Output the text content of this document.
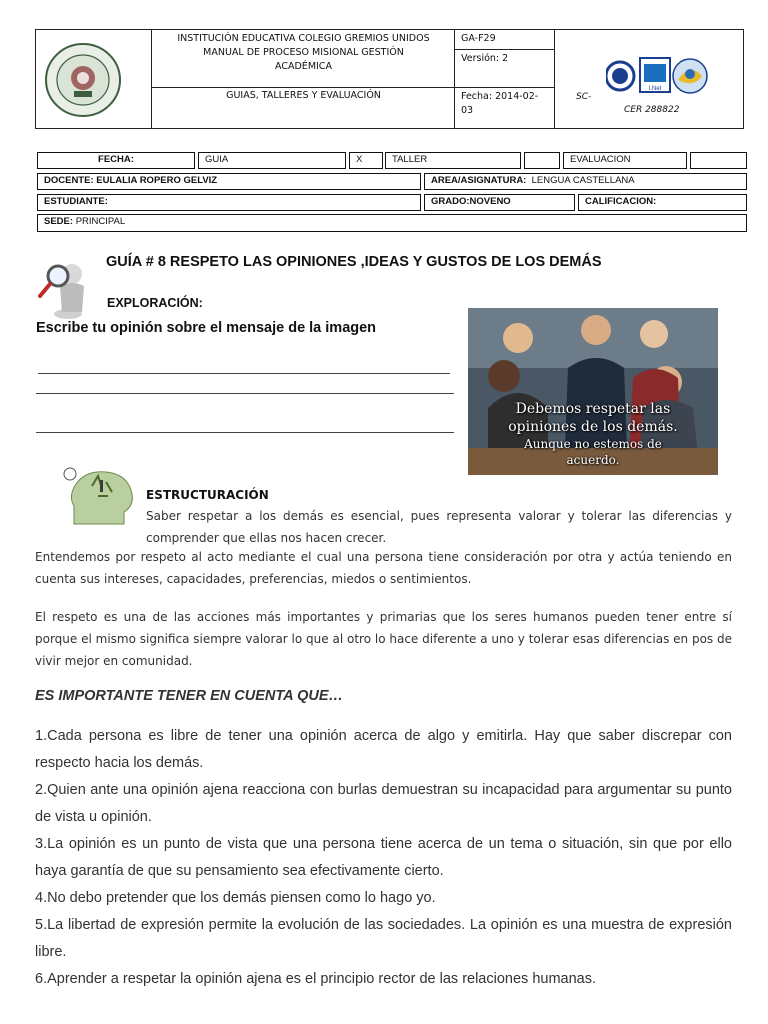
INSTITUCIÓN EDUCATIVA COLEGIO GREMIOS UNIDOS MANUAL DE PROCESO MISIONAL GESTIÓN ACADÉMICA
GUIAS, TALLERES Y EVALUACIÓN
GA-F29
Versión: 2
Fecha: 2014-02-03
I.Net
SC-
CER 288822
FECHA:	GUIA	X	TALLER	EVALUACION
DOCENTE: EULALIA ROPERO GELVIZ	AREA/ASIGNATURA: LENGUA CASTELLANA
ESTUDIANTE:	GRADO:NOVENO	CALIFICACION:
SEDE: PRINCIPAL
GUÍA # 8 RESPETO LAS OPINIONES ,IDEAS Y GUSTOS DE LOS DEMÁS
EXPLORACIÓN:
Escribe tu opinión sobre el mensaje de la imagen
Debemos respetar las
opiniones de los demás.
Aunque no estemos de
acuerdo.
ESTRUCTURACIÓN
Saber respetar a los demás es esencial, pues representa valorar y tolerar las diferencias y comprender que ellas nos hacen crecer.
Entendemos por respeto al acto mediante el cual una persona tiene consideración por otra y actúa teniendo en cuenta sus intereses, capacidades, preferencias, miedos o sentimientos.
El respeto es una de las acciones más importantes y primarias que los seres humanos pueden tener entre sí porque el mismo significa siempre valorar lo que al otro lo hace diferente a uno y tolerar esas diferencias en pos de vivir mejor en comunidad.
ES IMPORTANTE TENER EN CUENTA QUE…
1.Cada persona es libre de tener una opinión acerca de algo y emitirla. Hay que saber discrepar con respecto hacia los demás.
2.Quien ante una opinión ajena reacciona con burlas demuestran su incapacidad para argumentar su punto de vista u opinión.
3.La opinión es un punto de vista que una persona tiene acerca de un tema o situación, sin que por ello haya garantía de que su pensamiento sea efectivamente cierto.
4.No debo pretender que los demás piensen como lo hago yo.
5.La libertad de expresión permite la evolución de las sociedades. La opinión es una muestra de expresión libre.
6.Aprender a respetar la opinión ajena es el principio rector de las relaciones humanas.
